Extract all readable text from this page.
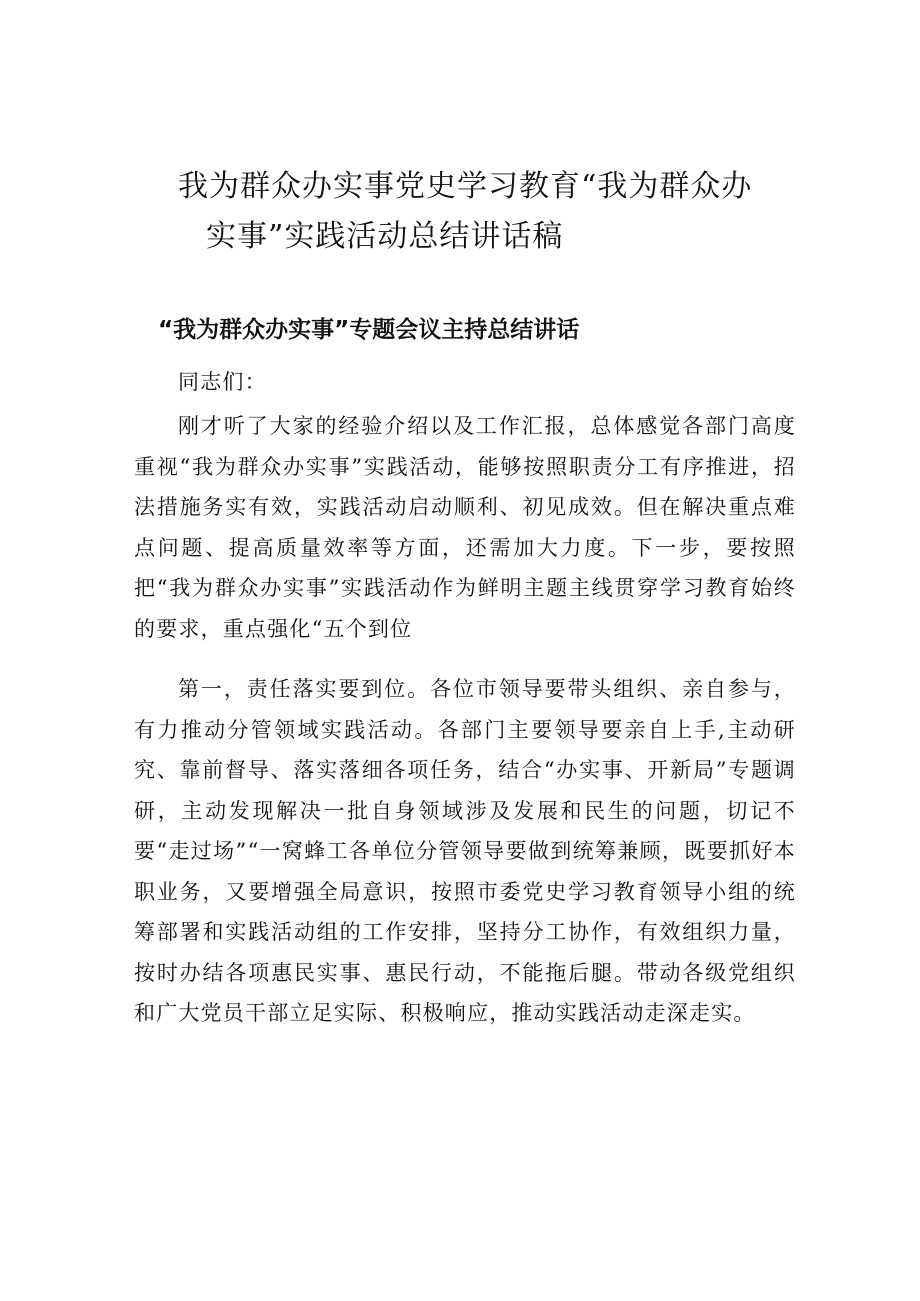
我为群众办实事党史学习教育“我为群众办
实事”实践活动总结讲话稿
“我为群众办实事”专题会议主持总结讲话

同志们：

刚才听了大家的经验介绍以及工作汇报，总体感觉各部门高度重视“我为群众办实事”实践活动，能够按照职责分工有序推进，招法措施务实有效，实践活动启动顺利、初见成效。但在解决重点难点问题、提高质量效率等方面，还需加大力度。下一步，要按照把“我为群众办实事”实践活动作为鲜明主题主线贯穿学习教育始终的要求，重点强化“五个到位

第一，责任落实要到位。各位市领导要带头组织、亲自参与，有力推动分管领域实践活动。各部门主要领导要亲自上手,主动研究、靠前督导、落实落细各项任务，结合“办实事、开新局”专题调研，主动发现解决一批自身领域涉及发展和民生的问题，切记不要“走过场”“一窝蜂工各单位分管领导要做到统筹兼顾，既要抓好本职业务，又要增强全局意识，按照市委党史学习教育领导小组的统筹部署和实践活动组的工作安排，坚持分工协作，有效组织力量，按时办结各项惠民实事、惠民行动，不能拖后腿。带动各级党组织和广大党员干部立足实际、积极响应，推动实践活动走深走实。
